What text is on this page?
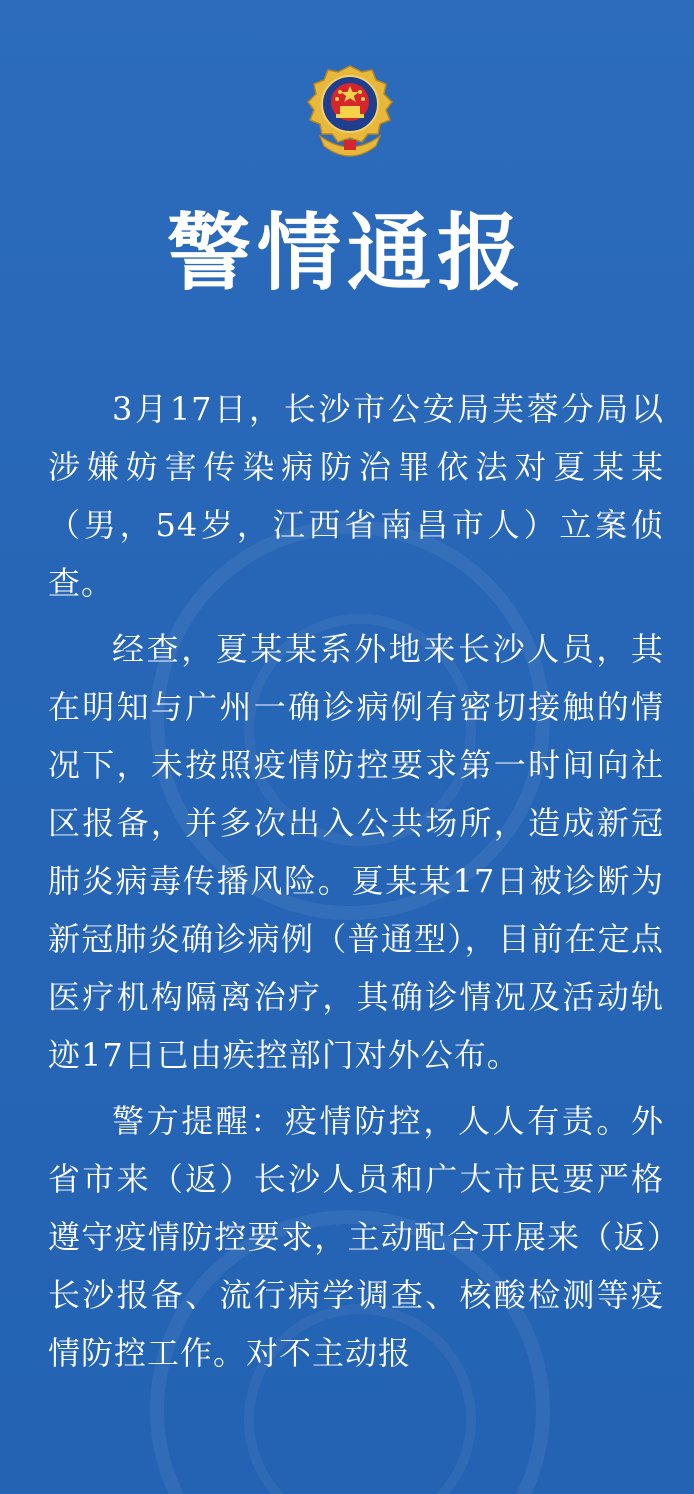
警情通报

3月17日，长沙市公安局芙蓉分局以涉嫌妨害传染病防治罪依法对夏某某（男，54岁，江西省南昌市人）立案侦查。

经查，夏某某系外地来长沙人员，其在明知与广州一确诊病例有密切接触的情况下，未按照疫情防控要求第一时间向社区报备，并多次出入公共场所，造成新冠肺炎病毒传播风险。夏某某17日被诊断为新冠肺炎确诊病例（普通型），目前在定点医疗机构隔离治疗，其确诊情况及活动轨迹17日已由疾控部门对外公布。

警方提醒：疫情防控，人人有责。外省市来（返）长沙人员和广大市民要严格遵守疫情防控要求，主动配合开展来（返）长沙报备、流行病学调查、核酸检测等疫情防控工作。对不主动报
